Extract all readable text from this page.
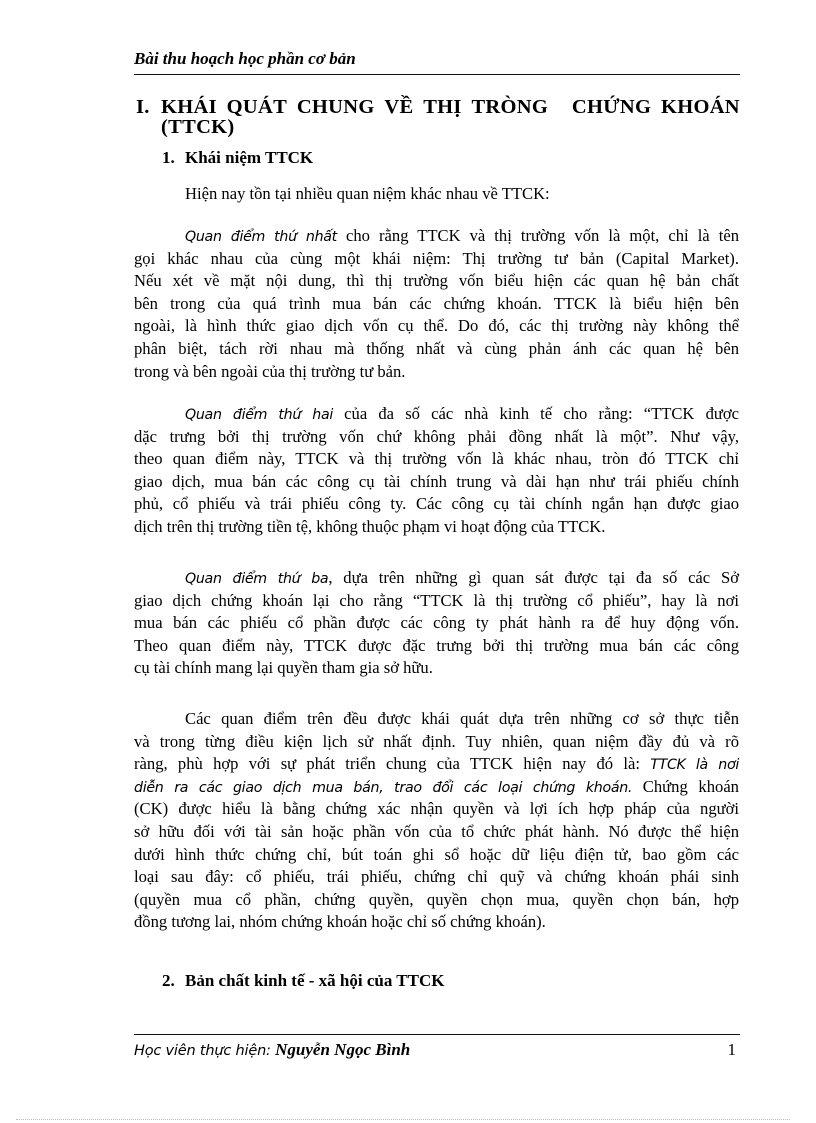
Bài thu hoạch học phần cơ bản
I. KHÁI QUÁT CHUNG VỀ THỊ TRÒNG CHỨNG KHOÁN
(TTCK)
1. Khái niệm TTCK
Hiện nay tồn tại nhiều quan niệm khác nhau về TTCK:
Quan điểm thứ nhất cho rằng TTCK và thị trường vốn là một, chỉ là tên
gọi khác nhau của cùng một khái niệm: Thị trường tư bản (Capital Market).
Nếu xét về mặt nội dung, thì thị trường vốn biểu hiện các quan hệ bản chất
bên trong của quá trình mua bán các chứng khoán. TTCK là biểu hiện bên
ngoài, là hình thức giao dịch vốn cụ thể. Do đó, các thị trường này không thể
phân biệt, tách rời nhau mà thống nhất và cùng phản ánh các quan hệ bên
trong và bên ngoài của thị trường tư bản.
Quan điểm thứ hai của đa số các nhà kinh tế cho rằng: “TTCK được
dặc trưng bởi thị trường vốn chứ không phải đồng nhất là một”. Như vậy,
theo quan điểm này, TTCK và thị trường vốn là khác nhau, tròn đó TTCK chỉ
giao dịch, mua bán các công cụ tài chính trung và dài hạn như trái phiếu chính
phủ, cổ phiếu và trái phiếu công ty. Các công cụ tài chính ngắn hạn được giao
dịch trên thị trường tiền tệ, không thuộc phạm vi hoạt động của TTCK.
Quan điểm thứ ba, dựa trên những gì quan sát được tại đa số các Sở
giao dịch chứng khoán lại cho rằng “TTCK là thị trường cổ phiếu”, hay là nơi
mua bán các phiếu cổ phần được các công ty phát hành ra để huy động vốn.
Theo quan điểm này, TTCK được đặc trưng bởi thị trường mua bán các công
cụ tài chính mang lại quyền tham gia sở hữu.
Các quan điểm trên đều được khái quát dựa trên những cơ sở thực tiễn
và trong từng điều kiện lịch sử nhất định. Tuy nhiên, quan niệm đầy đủ và rõ
ràng, phù hợp với sự phát triển chung của TTCK hiện nay đó là: TTCK là nơi
diễn ra các giao dịch mua bán, trao đổi các loại chứng khoán. Chứng khoán
(CK) được hiểu là bằng chứng xác nhận quyền và lợi ích hợp pháp của người
sở hữu đối với tài sản hoặc phần vốn của tổ chức phát hành. Nó được thể hiện
dưới hình thức chứng chỉ, bút toán ghi sổ hoặc dữ liệu điện tử, bao gồm các
loại sau đây: cổ phiếu, trái phiếu, chứng chỉ quỹ và chứng khoán phái sinh
(quyền mua cổ phần, chứng quyền, quyền chọn mua, quyền chọn bán, hợp
đồng tương lai, nhóm chứng khoán hoặc chỉ số chứng khoán).
2. Bản chất kinh tế - xã hội của TTCK
Học viên thực hiện: Nguyễn Ngọc Bình	1
